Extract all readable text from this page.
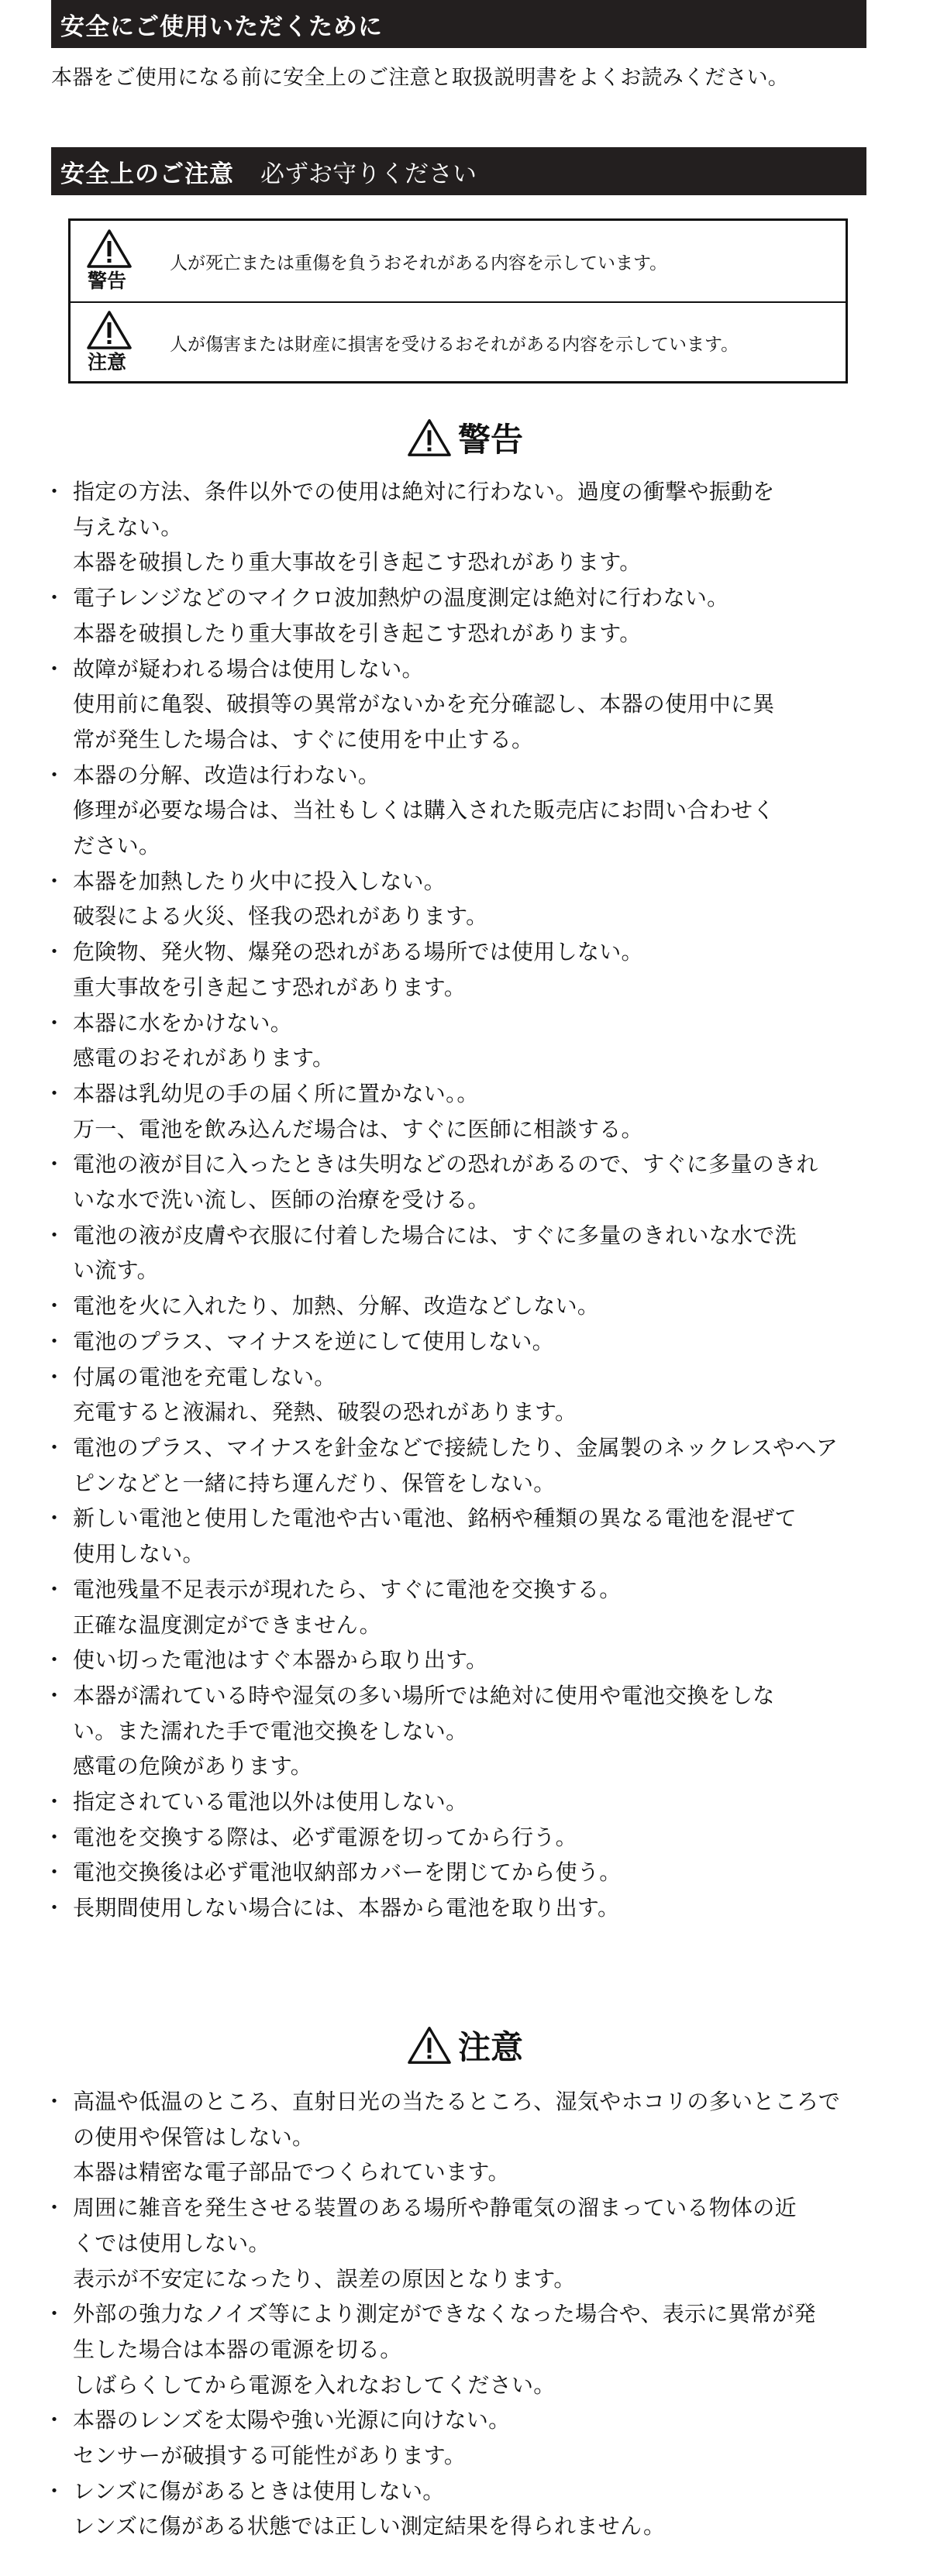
安全にご使用いただくために
本器をご使用になる前に安全上のご注意と取扱説明書をよくお読みください。
安全上のご注意 必ずお守りください
警告
人が死亡または重傷を負うおそれがある内容を示しています。
注意
人が傷害または財産に損害を受けるおそれがある内容を示しています。
警告
・ 指定の方法、条件以外での使用は絶対に行わない。過度の衝撃や振動を
与えない。
本器を破損したり重大事故を引き起こす恐れがあります。
・ 電子レンジなどのマイクロ波加熱炉の温度測定は絶対に行わない。
本器を破損したり重大事故を引き起こす恐れがあります。
・ 故障が疑われる場合は使用しない。
使用前に亀裂、破損等の異常がないかを充分確認し、本器の使用中に異
常が発生した場合は、すぐに使用を中止する。
・ 本器の分解、改造は行わない。
修理が必要な場合は、当社もしくは購入された販売店にお問い合わせく
ださい。
・ 本器を加熱したり火中に投入しない。
破裂による火災、怪我の恐れがあります。
・ 危険物、発火物、爆発の恐れがある場所では使用しない。
重大事故を引き起こす恐れがあります。
・ 本器に水をかけない。
感電のおそれがあります。
・ 本器は乳幼児の手の届く所に置かない。。
万一、電池を飲み込んだ場合は、すぐに医師に相談する。
・ 電池の液が目に入ったときは失明などの恐れがあるので、すぐに多量のきれ
いな水で洗い流し、医師の治療を受ける。
・ 電池の液が皮膚や衣服に付着した場合には、すぐに多量のきれいな水で洗
い流す。
・ 電池を火に入れたり、加熱、分解、改造などしない。
・ 電池のプラス、マイナスを逆にして使用しない。
・ 付属の電池を充電しない。
充電すると液漏れ、発熱、破裂の恐れがあります。
・ 電池のプラス、マイナスを針金などで接続したり、金属製のネックレスやヘア
ピンなどと一緒に持ち運んだり、保管をしない。
・ 新しい電池と使用した電池や古い電池、銘柄や種類の異なる電池を混ぜて
使用しない。
・ 電池残量不足表示が現れたら、すぐに電池を交換する。
正確な温度測定ができません。
・ 使い切った電池はすぐ本器から取り出す。
・ 本器が濡れている時や湿気の多い場所では絶対に使用や電池交換をしな
い。また濡れた手で電池交換をしない。
感電の危険があります。
・ 指定されている電池以外は使用しない。
・ 電池を交換する際は、必ず電源を切ってから行う。
・ 電池交換後は必ず電池収納部カバーを閉じてから使う。
・ 長期間使用しない場合には、本器から電池を取り出す。
注意
・ 高温や低温のところ、直射日光の当たるところ、湿気やホコリの多いところで
の使用や保管はしない。
本器は精密な電子部品でつくられています。
・ 周囲に雑音を発生させる装置のある場所や静電気の溜まっている物体の近
くでは使用しない。
表示が不安定になったり、誤差の原因となります。
・ 外部の強力なノイズ等により測定ができなくなった場合や、表示に異常が発
生した場合は本器の電源を切る。
しばらくしてから電源を入れなおしてください。
・ 本器のレンズを太陽や強い光源に向けない。
センサーが破損する可能性があります。
・ レンズに傷があるときは使用しない。
レンズに傷がある状態では正しい測定結果を得られません。
